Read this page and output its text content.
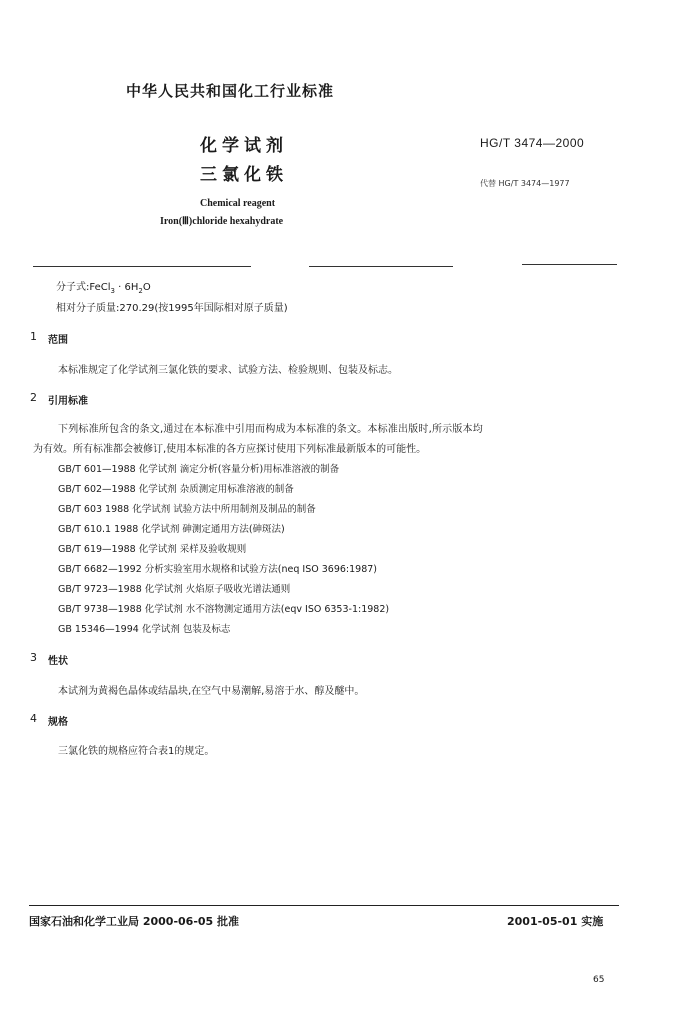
中华人民共和国化工行业标准
化学试剂
三氯化铁
HG/T 3474—2000
代替 HG/T 3474—1977
Chemical reagent
Iron(Ⅲ)chloride hexahydrate
分子式:FeCl$_3$ · $6H_2O$
相对分子质量:270.29(按1995年国际相对原子质量)
1 范围
本标准规定了化学试剂三氯化铁的要求、试验方法、检验规则、包装及标志。
2 引用标准
下列标准所包含的条文,通过在本标准中引用而构成为本标准的条文。本标准出版时,所示版本均
为有效。所有标准都会被修订,使用本标准的各方应探讨使用下列标准最新版本的可能性。
GB/T 601—1988 化学试剂 滴定分析(容量分析)用标准溶液的制备
GB/T 602—1988 化学试剂 杂质测定用标准溶液的制备
GB/T 603 1988 化学试剂 试验方法中所用制剂及制品的制备
GB/T 610.1 1988 化学试剂 砷测定通用方法(砷斑法)
GB/T 619—1988 化学试剂 采样及验收规则
GB/T 6682—1992 分析实验室用水规格和试验方法(neq ISO 3696:1987)
GB/T 9723—1988 化学试剂 火焰原子吸收光谱法通则
GB/T 9738—1988 化学试剂 水不溶物测定通用方法(eqv ISO 6353-1:1982)
GB 15346—1994 化学试剂 包装及标志
3 性状
本试剂为黄褐色晶体或结晶块,在空气中易潮解,易溶于水、醇及醚中。
4 规格
三氯化铁的规格应符合表1的规定。
国家石油和化学工业局 2000-06-05 批准	2001-05-01 实施
65
